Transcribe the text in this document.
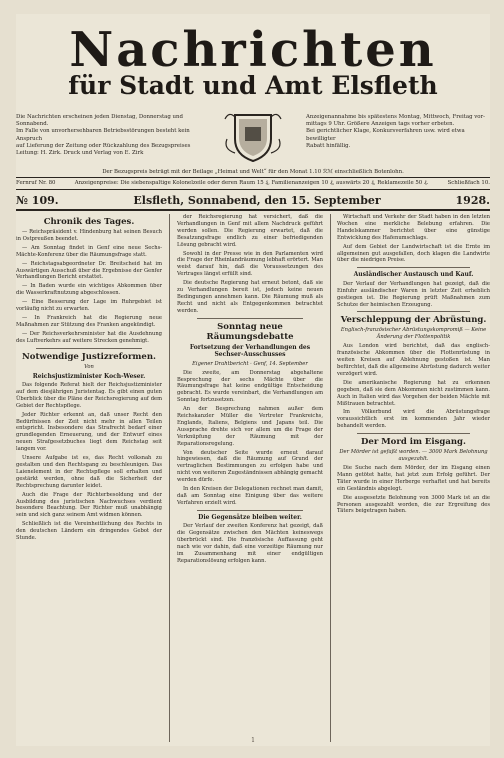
Nachrichten
für Stadt und Amt Elsfleth
Die Nachrichten erscheinen jeden Dienstag, Donnerstag und Sonnabend.
Im Falle von unvorhersehbaren Betriebsstörungen besteht kein Anspruch
auf Lieferung der Zeitung oder Rückzahlung des Bezugspreises
Leitung: H. Zirk. Druck und Verlag von E. Zirk
Anzeigenannahme bis spätestens Montag, Mittwoch, Freitag vor-
mittags 9 Uhr. Größere Anzeigen tags vorher erbeten.
Bei gerichtlicher Klage, Konkursverfahren usw. wird etwa bewilligter
Rabatt hinfällig.
Der Bezugspreis beträgt mit der Beilage „Heimat und Welt“ für den Monat 1.10 ℛℳ einschließlich Botenlohn.
Fernruf Nr. 80	Anzeigenpreise: Die siebenspaltige Kolonelzeile oder deren Raum 15 ₰, Familienanzeigen 10 ₰, auswärts 20 ₰, Reklamezeile 50 ₰.	Schließfach 10.
№ 109.	Elsfleth, Sonnabend, den 15. September	1928.
Chronik des Tages.

— Reichspräsident v. Hindenburg hat seinen Besuch in Ostpreußen beendet.

— Am Sonntag findet in Genf eine neue Sechs-Mächte-Konferenz über die Räumungsfrage statt.

— Reichstagsabgeordneter Dr. Breitscheid hat im Auswärtigen Ausschuß über die Ergebnisse der Genfer Verhandlungen Bericht erstattet.

— In Baden wurde ein wichtiges Abkommen über die Wasserkraftnutzung abgeschlossen.

— Eine Besserung der Lage im Ruhrgebiet ist vorläufig nicht zu erwarten.

— In Frankreich hat die Regierung neue Maßnahmen zur Stützung des Franken angekündigt.

— Der Reichsverkehrsminister hat die Ausdehnung des Luftverkehrs auf weitere Strecken genehmigt.

Notwendige Justizreformen.
Von
Reichsjustizminister Koch-Weser.

Das folgende Referat hielt der Reichsjustizminister auf dem diesjährigen Juristentag. Es gibt einen guten Überblick über die Pläne der Reichsregierung auf dem Gebiet der Rechtspflege.

Jeder Richter erkennt an, daß unser Recht den Bedürfnissen der Zeit nicht mehr in allen Teilen entspricht. Insbesondere das Strafrecht bedarf einer grundlegenden Erneuerung, und der Entwurf eines neuen Strafgesetzbuches liegt dem Reichstag seit langem vor.

Unsere Aufgabe ist es, das Recht volksnah zu gestalten und den Rechtsgang zu beschleunigen. Das Laienelement in der Rechtspflege soll erhalten und gestärkt werden, ohne daß die Sicherheit der Rechtsprechung darunter leidet.

Auch die Frage der Richterbesoldung und der Ausbildung des juristischen Nachwuchses verdient besondere Beachtung. Der Richter muß unabhängig sein und sich ganz seinem Amt widmen können.

Schließlich ist die Vereinheitlichung des Rechts in den deutschen Ländern ein dringendes Gebot der Stunde.

der Reichsregierung hat versichert, daß die Verhandlungen in Genf mit allem Nachdruck geführt werden sollen. Die Regierung erwartet, daß die Besatzungsfrage endlich zu einer befriedigenden Lösung gebracht wird.

Sowohl in der Presse wie in den Parlamenten wird die Frage der Rheinlandräumung lebhaft erörtert. Man weist darauf hin, daß die Voraussetzungen des Vertrages längst erfüllt sind.

Die deutsche Regierung hat erneut betont, daß sie zu Verhandlungen bereit ist, jedoch keine neuen Bedingungen annehmen kann. Die Räumung muß als Recht und nicht als Entgegenkommen betrachtet werden.

Sonntag neue Räumungsdebatte
Fortsetzung der Verhandlungen des Sechser-Ausschusses
Eigener Drahtbericht · Genf, 14. September

Die zweite, am Donnerstag abgehaltene Besprechung der sechs Mächte über die Räumungsfrage hat keine endgültige Entscheidung gebracht. Es wurde vereinbart, die Verhandlungen am Sonntag fortzusetzen.

An der Besprechung nahmen außer dem Reichskanzler Müller die Vertreter Frankreichs, Englands, Italiens, Belgiens und Japans teil. Die Aussprache drehte sich vor allem um die Frage der Verknüpfung der Räumung mit der Reparationsregelung.

Von deutscher Seite wurde erneut darauf hingewiesen, daß die Räumung auf Grund der vertraglichen Bestimmungen zu erfolgen habe und nicht von weiteren Zugeständnissen abhängig gemacht werden dürfe.

In den Kreisen der Delegationen rechnet man damit, daß am Sonntag eine Einigung über das weitere Verfahren erzielt wird.

Die Gegensätze bleiben weiter.

Der Verlauf der zweiten Konferenz hat gezeigt, daß die Gegensätze zwischen den Mächten keineswegs überbrückt sind. Die französische Auffassung geht nach wie vor dahin, daß eine vorzeitige Räumung nur im Zusammenhang mit einer endgültigen Reparationslösung erfolgen kann.

Wirtschaft und Verkehr der Stadt haben in den letzten Wochen eine merkliche Belebung erfahren. Die Handelskammer berichtet über eine günstige Entwicklung des Hafenumschlags.

Auf dem Gebiet der Landwirtschaft ist die Ernte im allgemeinen gut ausgefallen, doch klagen die Landwirte über die niedrigen Preise.

Ausländischer Austausch und Kauf.

Der Verlauf der Verhandlungen hat gezeigt, daß die Einfuhr ausländischer Waren in letzter Zeit erheblich gestiegen ist. Die Regierung prüft Maßnahmen zum Schutze der heimischen Erzeugung.

Verschleppung der Abrüstung.
Englisch-französischer Abrüstungskompromiß — Keine Änderung der Flottenpolitik

Aus London wird berichtet, daß das englisch-französische Abkommen über die Flottenrüstung in weiten Kreisen auf Ablehnung gestoßen ist. Man befürchtet, daß die allgemeine Abrüstung dadurch weiter verzögert wird.

Die amerikanische Regierung hat zu erkennen gegeben, daß sie dem Abkommen nicht zustimmen kann. Auch in Italien wird das Vorgehen der beiden Mächte mit Mißtrauen betrachtet.

Im Völkerbund wird die Abrüstungsfrage voraussichtlich erst im kommenden Jahr wieder behandelt werden.

Der Mord im Eisgang.
Der Mörder ist gefaßt worden. — 3000 Mark Belohnung ausgezahlt.

Die Suche nach dem Mörder, der im Eisgang einen Mann getötet hatte, hat jetzt zum Erfolg geführt. Der Täter wurde in einer Herberge verhaftet und hat bereits ein Geständnis abgelegt.

Die ausgesetzte Belohnung von 3000 Mark ist an die Personen ausgezahlt worden, die zur Ergreifung des Täters beigetragen haben.

1
